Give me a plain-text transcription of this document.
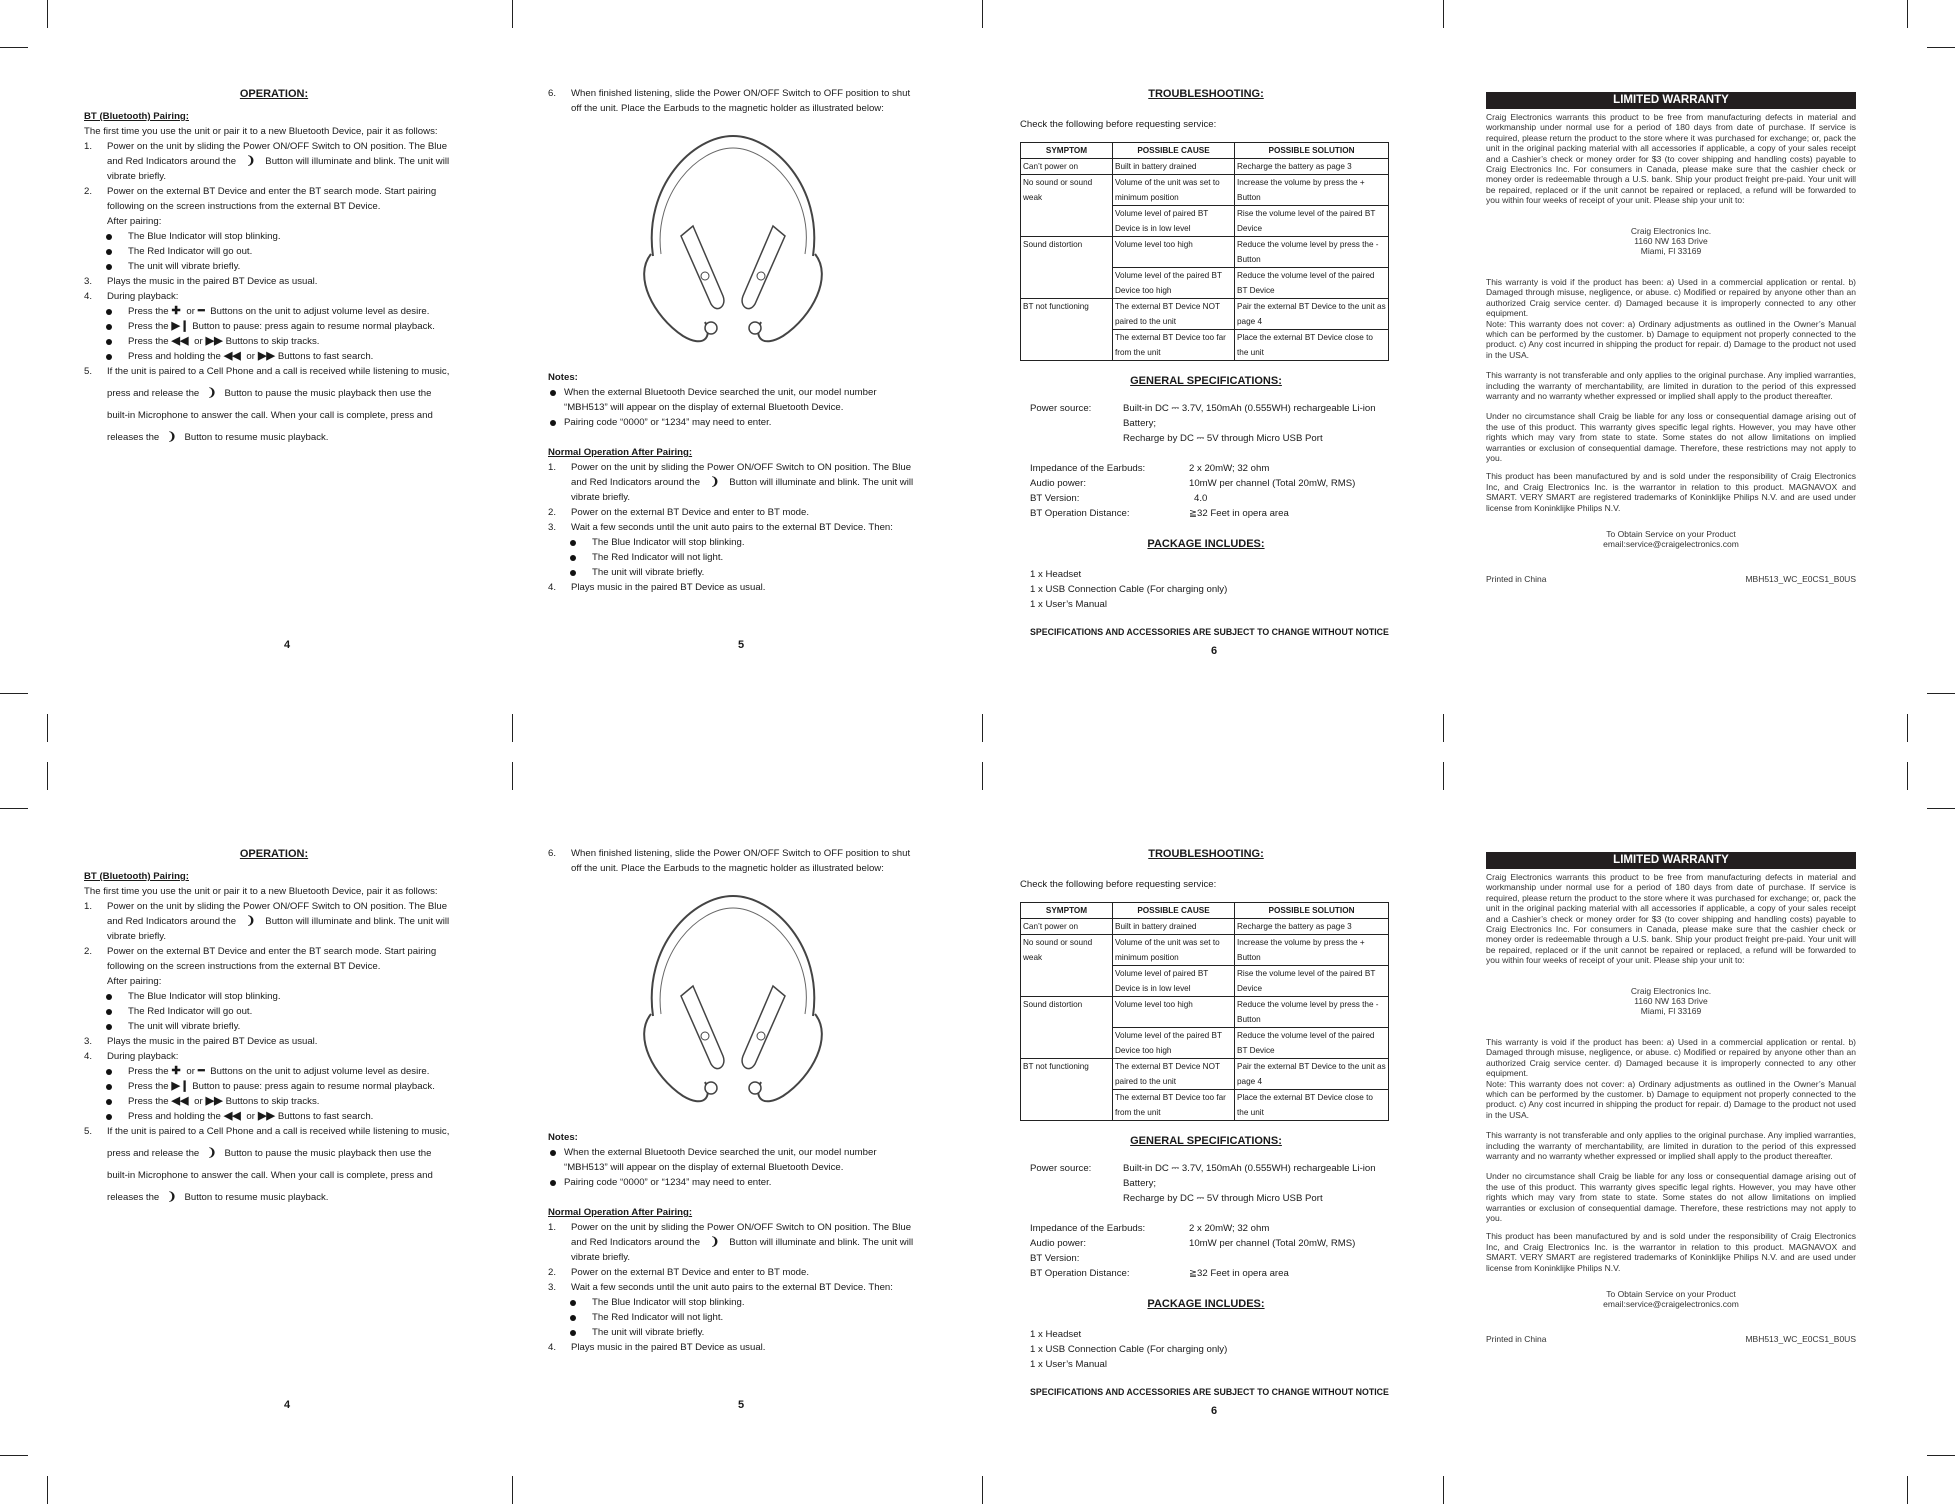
OPERATION:
BT (Bluetooth) Pairing:
The first time you use the unit or pair it to a new Bluetooth Device, pair it as follows:
1. Power on the unit by sliding the Power ON/OFF Switch to ON position. The Blue
and Red Indicators around the ❩ Button will illuminate and blink. The unit will
vibrate briefly.
2. Power on the external BT Device and enter the BT search mode. Start pairing
following on the screen instructions from the external BT Device.
After pairing:
The Blue Indicator will stop blinking.
The Red Indicator will go out.
The unit will vibrate briefly.
3. Plays the music in the paired BT Device as usual.
4. During playback:
Press the ✚ or ━ Buttons on the unit to adjust volume level as desire.
Press the ▶❙ Button to pause: press again to resume normal playback.
Press the ◀◀ or ▶▶ Buttons to skip tracks.
Press and holding the ◀◀ or ▶▶ Buttons to fast search.
5. If the unit is paired to a Cell Phone and a call is received while listening to music,
press and release the ❩ Button to pause the music playback then use the
built-in Microphone to answer the call. When your call is complete, press and
releases the ❩ Button to resume music playback.
4
6. When finished listening, slide the Power ON/OFF Switch to OFF position to shut
off the unit. Place the Earbuds to the magnetic holder as illustrated below:
Notes:
When the external Bluetooth Device searched the unit, our model number
“MBH513” will appear on the display of external Bluetooth Device.
Pairing code “0000” or “1234” may need to enter.
Normal Operation After Pairing:
1. Power on the unit by sliding the Power ON/OFF Switch to ON position. The Blue
and Red Indicators around the ❩ Button will illuminate and blink. The unit will
vibrate briefly.
2. Power on the external BT Device and enter to BT mode.
3. Wait a few seconds until the unit auto pairs to the external BT Device. Then:
The Blue Indicator will stop blinking.
The Red Indicator will not light.
The unit will vibrate briefly.
4. Plays music in the paired BT Device as usual.
5
TROUBLESHOOTING:
Check the following before requesting service:
SYMPTOM	POSSIBLE CAUSE	POSSIBLE SOLUTION
Can’t power on	Built in battery drained	Recharge the battery as page 3
No sound or sound weak	Volume of the unit was set to minimum position	Increase the volume by press the + Button
	Volume level of paired BT Device is in low level	Rise the volume level of the paired BT Device
Sound distortion	Volume level too high	Reduce the volume level by press the - Button
	Volume level of the paired BT Device too high	Reduce the volume level of the paired BT Device
BT not functioning	The external BT Device NOT paired to the unit	Pair the external BT Device to the unit as page 4
	The external BT Device too far from the unit	Place the external BT Device close to the unit
GENERAL SPECIFICATIONS:
Power source:	Built-in DC ⎓ 3.7V, 150mAh (0.555WH) rechargeable Li-ion
Battery;
Recharge by DC ⎓ 5V through Micro USB Port
Impedance of the Earbuds:	2 x 20mW; 32 ohm
Audio power:	10mW per channel (Total 20mW, RMS)
BT Version:	4.0
BT Operation Distance:	≧32 Feet in opera area
PACKAGE INCLUDES:
1 x Headset
1 x USB Connection Cable (For charging only)
1 x User’s Manual
SPECIFICATIONS AND ACCESSORIES ARE SUBJECT TO CHANGE WITHOUT NOTICE
6
LIMITED WARRANTY
Craig Electronics warrants this product to be free from manufacturing defects in material and workmanship under normal use for a period of 180 days from date of purchase. If service is required, please return the product to the store where it was purchased for exchange; or, pack the unit in the original packing material with all accessories if applicable, a copy of your sales receipt and a Cashier’s check or money order for $3 (to cover shipping and handling costs) payable to Craig Electronics Inc. For consumers in Canada, please make sure that the cashier check or money order is redeemable through a U.S. bank. Ship your product freight pre-paid. Your unit will be repaired, replaced or if the unit cannot be repaired or replaced, a refund will be forwarded to you within four weeks of receipt of your unit. Please ship your unit to:
Craig Electronics Inc.
1160 NW 163 Drive
Miami, Fl 33169
This warranty is void if the product has been: a) Used in a commercial application or rental. b) Damaged through misuse, negligence, or abuse. c) Modified or repaired by anyone other than an authorized Craig service center. d) Damaged because it is improperly connected to any other equipment.
Note: This warranty does not cover: a) Ordinary adjustments as outlined in the Owner’s Manual which can be performed by the customer. b) Damage to equipment not properly connected to the product. c) Any cost incurred in shipping the product for repair. d) Damage to the product not used in the USA.
This warranty is not transferable and only applies to the original purchase. Any implied warranties, including the warranty of merchantability, are limited in duration to the period of this expressed warranty and no warranty whether expressed or implied shall apply to the product thereafter.
Under no circumstance shall Craig be liable for any loss or consequential damage arising out of the use of this product. This warranty gives specific legal rights. However, you may have other rights which may vary from state to state. Some states do not allow limitations on implied warranties or exclusion of consequential damage. Therefore, these restrictions may not apply to you.
This product has been manufactured by and is sold under the responsibility of Craig Electronics Inc, and Craig Electronics Inc. is the warrantor in relation to this product. MAGNAVOX and SMART. VERY SMART are registered trademarks of Koninklijke Philips N.V. and are used under license from Koninklijke Philips N.V.
To Obtain Service on your Product
email:service@craigelectronics.com
Printed in China	MBH513_WC_E0CS1_B0US
OPERATION:
BT (Bluetooth) Pairing:
The first time you use the unit or pair it to a new Bluetooth Device, pair it as follows:
1. Power on the unit by sliding the Power ON/OFF Switch to ON position. The Blue
and Red Indicators around the ❩ Button will illuminate and blink. The unit will
vibrate briefly.
2. Power on the external BT Device and enter the BT search mode. Start pairing
following on the screen instructions from the external BT Device.
After pairing:
The Blue Indicator will stop blinking.
The Red Indicator will go out.
The unit will vibrate briefly.
3. Plays the music in the paired BT Device as usual.
4. During playback:
Press the ✚ or ━ Buttons on the unit to adjust volume level as desire.
Press the ▶❙ Button to pause: press again to resume normal playback.
Press the ◀◀ or ▶▶ Buttons to skip tracks.
Press and holding the ◀◀ or ▶▶ Buttons to fast search.
5. If the unit is paired to a Cell Phone and a call is received while listening to music,
press and release the ❩ Button to pause the music playback then use the
built-in Microphone to answer the call. When your call is complete, press and
releases the ❩ Button to resume music playback.
4
6. When finished listening, slide the Power ON/OFF Switch to OFF position to shut
off the unit. Place the Earbuds to the magnetic holder as illustrated below:
Notes:
When the external Bluetooth Device searched the unit, our model number
“MBH513” will appear on the display of external Bluetooth Device.
Pairing code “0000” or “1234” may need to enter.
Normal Operation After Pairing:
1. Power on the unit by sliding the Power ON/OFF Switch to ON position. The Blue
and Red Indicators around the ❩ Button will illuminate and blink. The unit will
vibrate briefly.
2. Power on the external BT Device and enter to BT mode.
3. Wait a few seconds until the unit auto pairs to the external BT Device. Then:
The Blue Indicator will stop blinking.
The Red Indicator will not light.
The unit will vibrate briefly.
4. Plays music in the paired BT Device as usual.
5
TROUBLESHOOTING:
Check the following before requesting service:
SYMPTOM	POSSIBLE CAUSE	POSSIBLE SOLUTION
Can’t power on	Built in battery drained	Recharge the battery as page 3
No sound or sound weak	Volume of the unit was set to minimum position	Increase the volume by press the + Button
	Volume level of paired BT Device is in low level	Rise the volume level of the paired BT Device
Sound distortion	Volume level too high	Reduce the volume level by press the - Button
	Volume level of the paired BT Device too high	Reduce the volume level of the paired BT Device
BT not functioning	The external BT Device NOT paired to the unit	Pair the external BT Device to the unit as page 4
	The external BT Device too far from the unit	Place the external BT Device close to the unit
GENERAL SPECIFICATIONS:
Power source:	Built-in DC ⎓ 3.7V, 150mAh (0.555WH) rechargeable Li-ion
Battery;
Recharge by DC ⎓ 5V through Micro USB Port
Impedance of the Earbuds:	2 x 20mW; 32 ohm
Audio power:	10mW per channel (Total 20mW, RMS)
BT Version:
BT Operation Distance:	≧32 Feet in opera area
PACKAGE INCLUDES:
1 x Headset
1 x USB Connection Cable (For charging only)
1 x User’s Manual
SPECIFICATIONS AND ACCESSORIES ARE SUBJECT TO CHANGE WITHOUT NOTICE
6
LIMITED WARRANTY
Craig Electronics warrants this product to be free from manufacturing defects in material and workmanship under normal use for a period of 180 days from date of purchase. If service is required, please return the product to the store where it was purchased for exchange; or, pack the unit in the original packing material with all accessories if applicable, a copy of your sales receipt and a Cashier’s check or money order for $3 (to cover shipping and handling costs) payable to Craig Electronics Inc. For consumers in Canada, please make sure that the cashier check or money order is redeemable through a U.S. bank. Ship your product freight pre-paid. Your unit will be repaired, replaced or if the unit cannot be repaired or replaced, a refund will be forwarded to you within four weeks of receipt of your unit. Please ship your unit to:
Craig Electronics Inc.
1160 NW 163 Drive
Miami, Fl 33169
This warranty is void if the product has been: a) Used in a commercial application or rental. b) Damaged through misuse, negligence, or abuse. c) Modified or repaired by anyone other than an authorized Craig service center. d) Damaged because it is improperly connected to any other equipment.
Note: This warranty does not cover: a) Ordinary adjustments as outlined in the Owner’s Manual which can be performed by the customer. b) Damage to equipment not properly connected to the product. c) Any cost incurred in shipping the product for repair. d) Damage to the product not used in the USA.
This warranty is not transferable and only applies to the original purchase. Any implied warranties, including the warranty of merchantability, are limited in duration to the period of this expressed warranty and no warranty whether expressed or implied shall apply to the product thereafter.
Under no circumstance shall Craig be liable for any loss or consequential damage arising out of the use of this product. This warranty gives specific legal rights. However, you may have other rights which may vary from state to state. Some states do not allow limitations on implied warranties or exclusion of consequential damage. Therefore, these restrictions may not apply to you.
This product has been manufactured by and is sold under the responsibility of Craig Electronics Inc, and Craig Electronics Inc. is the warrantor in relation to this product. MAGNAVOX and SMART. VERY SMART are registered trademarks of Koninklijke Philips N.V. and are used under license from Koninklijke Philips N.V.
To Obtain Service on your Product
email:service@craigelectronics.com
Printed in China	MBH513_WC_E0CS1_B0US
